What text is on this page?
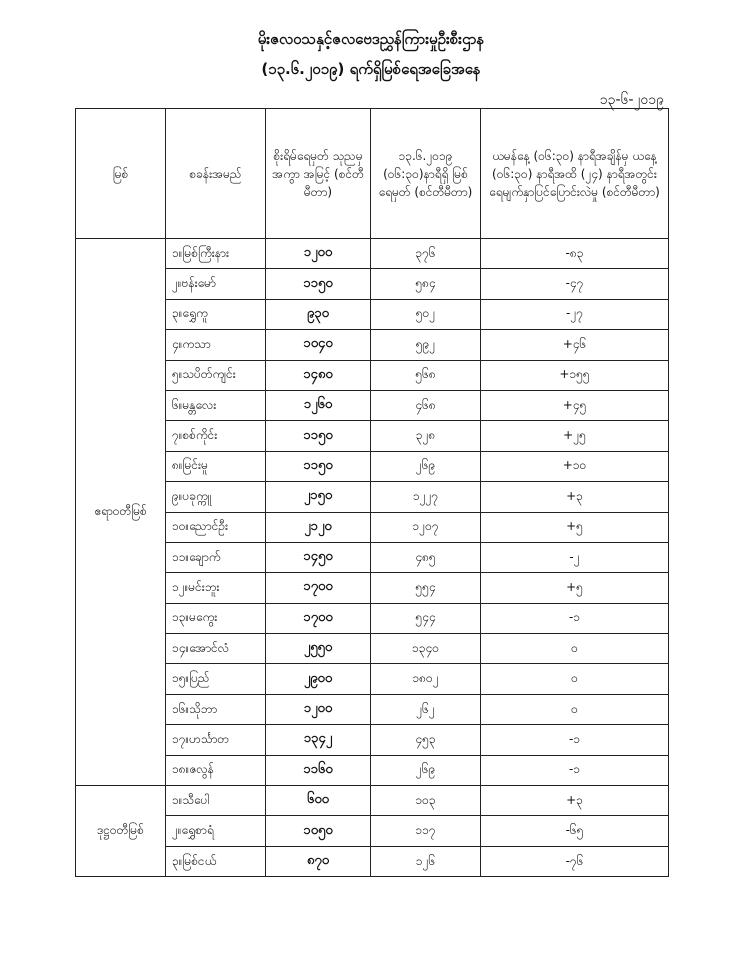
မိုးဇလဝသနှင့်ဇလဗေဒညွှန်ကြားမှုဦးစီးဌာန
(၁၃.၆.၂၀၁၉) ရက်ရှိမြစ်ရေအခြေအနေ
၁၃-၆-၂၀၁၉
မြစ်	စခန်းအမည်	စိုးရိမ်ရေမှတ် သုညမှ အကွာ အမြင့် (စင်တီမီတာ)	၁၃.၆.၂၀၁၉ (၀၆:၃၀)နာရီရှိ မြစ်ရေမှတ် (စင်တီမီတာ)	ယမန်နေ့ (၀၆:၃၀) နာရီအချိန်မှ ယနေ့ (၀၆:၃၀) နာရီအထိ (၂၄) နာရီအတွင်း ရေမျက်နှာပြင်ပြောင်းလဲမှု (စင်တီမီတာ)
ဧရာဝတီမြစ်	၁။မြစ်ကြီးနား	၁၂၀၀	၃၇၆	-၈၃
	၂။ဗန်းမော်	၁၁၅၀	၅၈၄	-၄၇
	၃။ရွှေကူ	၉၃၀	၅၀၂	-၂၇
	၄။ကသာ	၁၀၄၀	၅၉၂	+၄၆
	၅။သပိတ်ကျင်း	၁၄၈၀	၅၆၈	+၁၅၅
	၆။မန္တလေး	၁၂၆၀	၄၆၈	+၄၅
	၇။စစ်ကိုင်း	၁၁၅၀	၃၂၈	+၂၅
	၈။မြင်းမူ	၁၁၅၀	၂၆၉	+၁၀
	၉။ပခုက္ကူ	၂၁၅၀	၁၂၂၇	+၃
	၁၀။ညောင်ဦး	၂၁၂၀	၁၂၀၇	+၅
	၁၁။ချောက်	၁၄၅၀	၄၈၅	-၂
	၁၂။မင်းဘူး	၁၇၀၀	၅၅၄	+၅
	၁၃။မကွေး	၁၇၀၀	၅၄၄	-၁
	၁၄။အောင်လံ	၂၅၅၀	၁၃၄၀	၀
	၁၅။ပြည်	၂၉၀၀	၁၈၀၂	၀
	၁၆။သိုဘာ	၁၂၀၀	၂၆၂	၀
	၁၇။ဟင်္သာတ	၁၃၄၂	၄၅၃	-၁
	၁၈။ဇလွန်	၁၁၆၀	၂၆၉	-၁
ဒုဋ္ဌဝတီမြစ်	၁။သီပေါ	၆၀၀	၁၀၃	+၃
	၂။ရွှေစာရံ	၁၀၅၀	၁၁၇	-၆၅
	၃။မြစ်ငယ်	၈၇၀	၁၂၆	-၇၆
